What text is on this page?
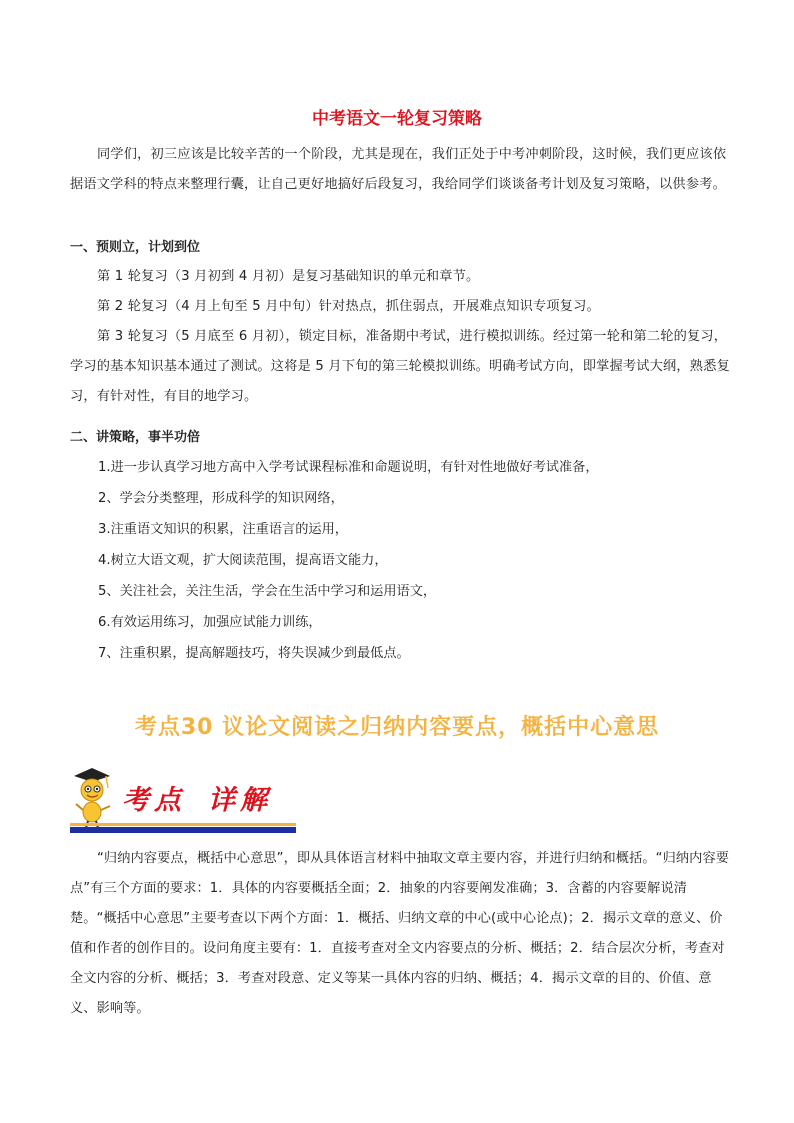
中考语文一轮复习策略
同学们，初三应该是比较辛苦的一个阶段，尤其是现在，我们正处于中考冲刺阶段，这时候，我们更应该依据语文学科的特点来整理行囊，让自己更好地搞好后段复习，我给同学们谈谈备考计划及复习策略，以供参考。
一、预则立，计划到位
第 1 轮复习（3 月初到 4 月初）是复习基础知识的单元和章节。
第 2 轮复习（4 月上旬至 5 月中旬）针对热点，抓住弱点，开展难点知识专项复习。
第 3 轮复习（5 月底至 6 月初），锁定目标，准备期中考试，进行模拟训练。经过第一轮和第二轮的复习，学习的基本知识基本通过了测试。这将是 5 月下旬的第三轮模拟训练。明确考试方向，即掌握考试大纲，熟悉复习，有针对性，有目的地学习。
二、讲策略，事半功倍
1.进一步认真学习地方高中入学考试课程标准和命题说明，有针对性地做好考试准备，
2、学会分类整理，形成科学的知识网络，
3.注重语文知识的积累，注重语言的运用，
4.树立大语文观，扩大阅读范围，提高语文能力，
5、关注社会，关注生活，学会在生活中学习和运用语文，
6.有效运用练习，加强应试能力训练，
7、注重积累，提高解题技巧，将失误减少到最低点。
考点30 议论文阅读之归纳内容要点，概括中心意思
考点 详解
“归纳内容要点，概括中心意思”，即从具体语言材料中抽取文章主要内容，并进行归纳和概括。“归纳内容要点”有三个方面的要求：1．具体的内容要概括全面；2．抽象的内容要阐发准确；3．含蓄的内容要解说清楚。“概括中心意思”主要考查以下两个方面：1．概括、归纳文章的中心(或中心论点)；2．揭示文章的意义、价值和作者的创作目的。设问角度主要有：1．直接考查对全文内容要点的分析、概括；2．结合层次分析，考查对全文内容的分析、概括；3．考查对段意、定义等某一具体内容的归纳、概括；4．揭示文章的目的、价值、意义、影响等。
